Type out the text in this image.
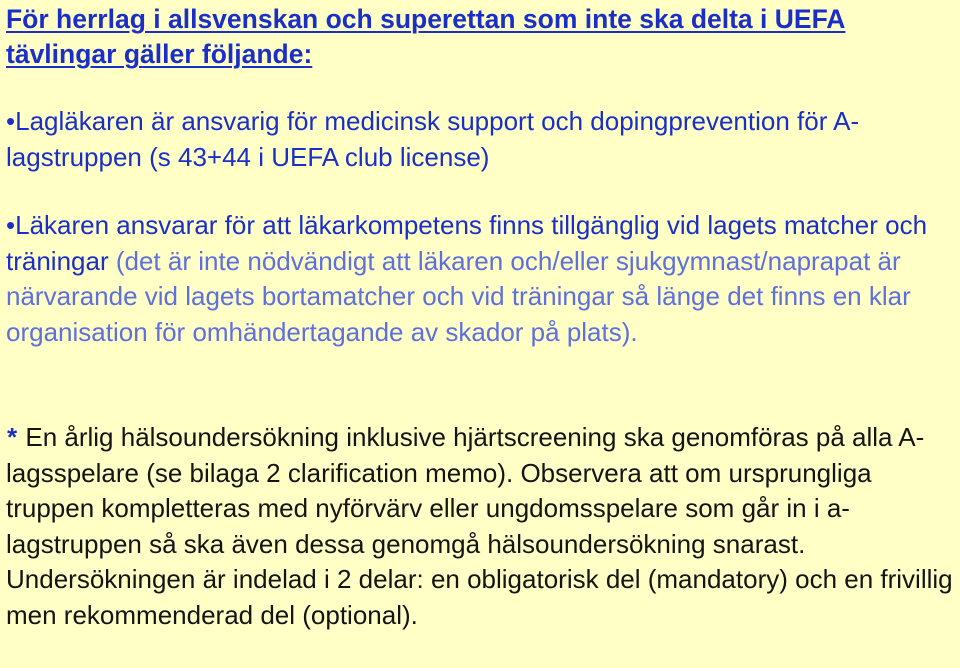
För herrlag i allsvenskan och superettan som inte ska delta i UEFA tävlingar gäller följande:

•Lagläkaren är ansvarig för medicinsk support och dopingprevention för A-lagstruppen (s 43+44 i UEFA club license)

•Läkaren ansvarar för att läkarkompetens finns tillgänglig vid lagets matcher och träningar (det är inte nödvändigt att läkaren och/eller sjukgymnast/naprapat är närvarande vid lagets bortamatcher och vid träningar så länge det finns en klar organisation för omhändertagande av skador på plats).

* En årlig hälsoundersökning inklusive hjärtscreening ska genomföras på alla A-lagsspelare (se bilaga 2 clarification memo). Observera att om ursprungliga truppen kompletteras med nyförvärv eller ungdomsspelare som går in i a-lagstruppen så ska även dessa genomgå hälsoundersökning snarast. Undersökningen är indelad i 2 delar: en obligatorisk del (mandatory) och en frivillig men rekommenderad del (optional).
